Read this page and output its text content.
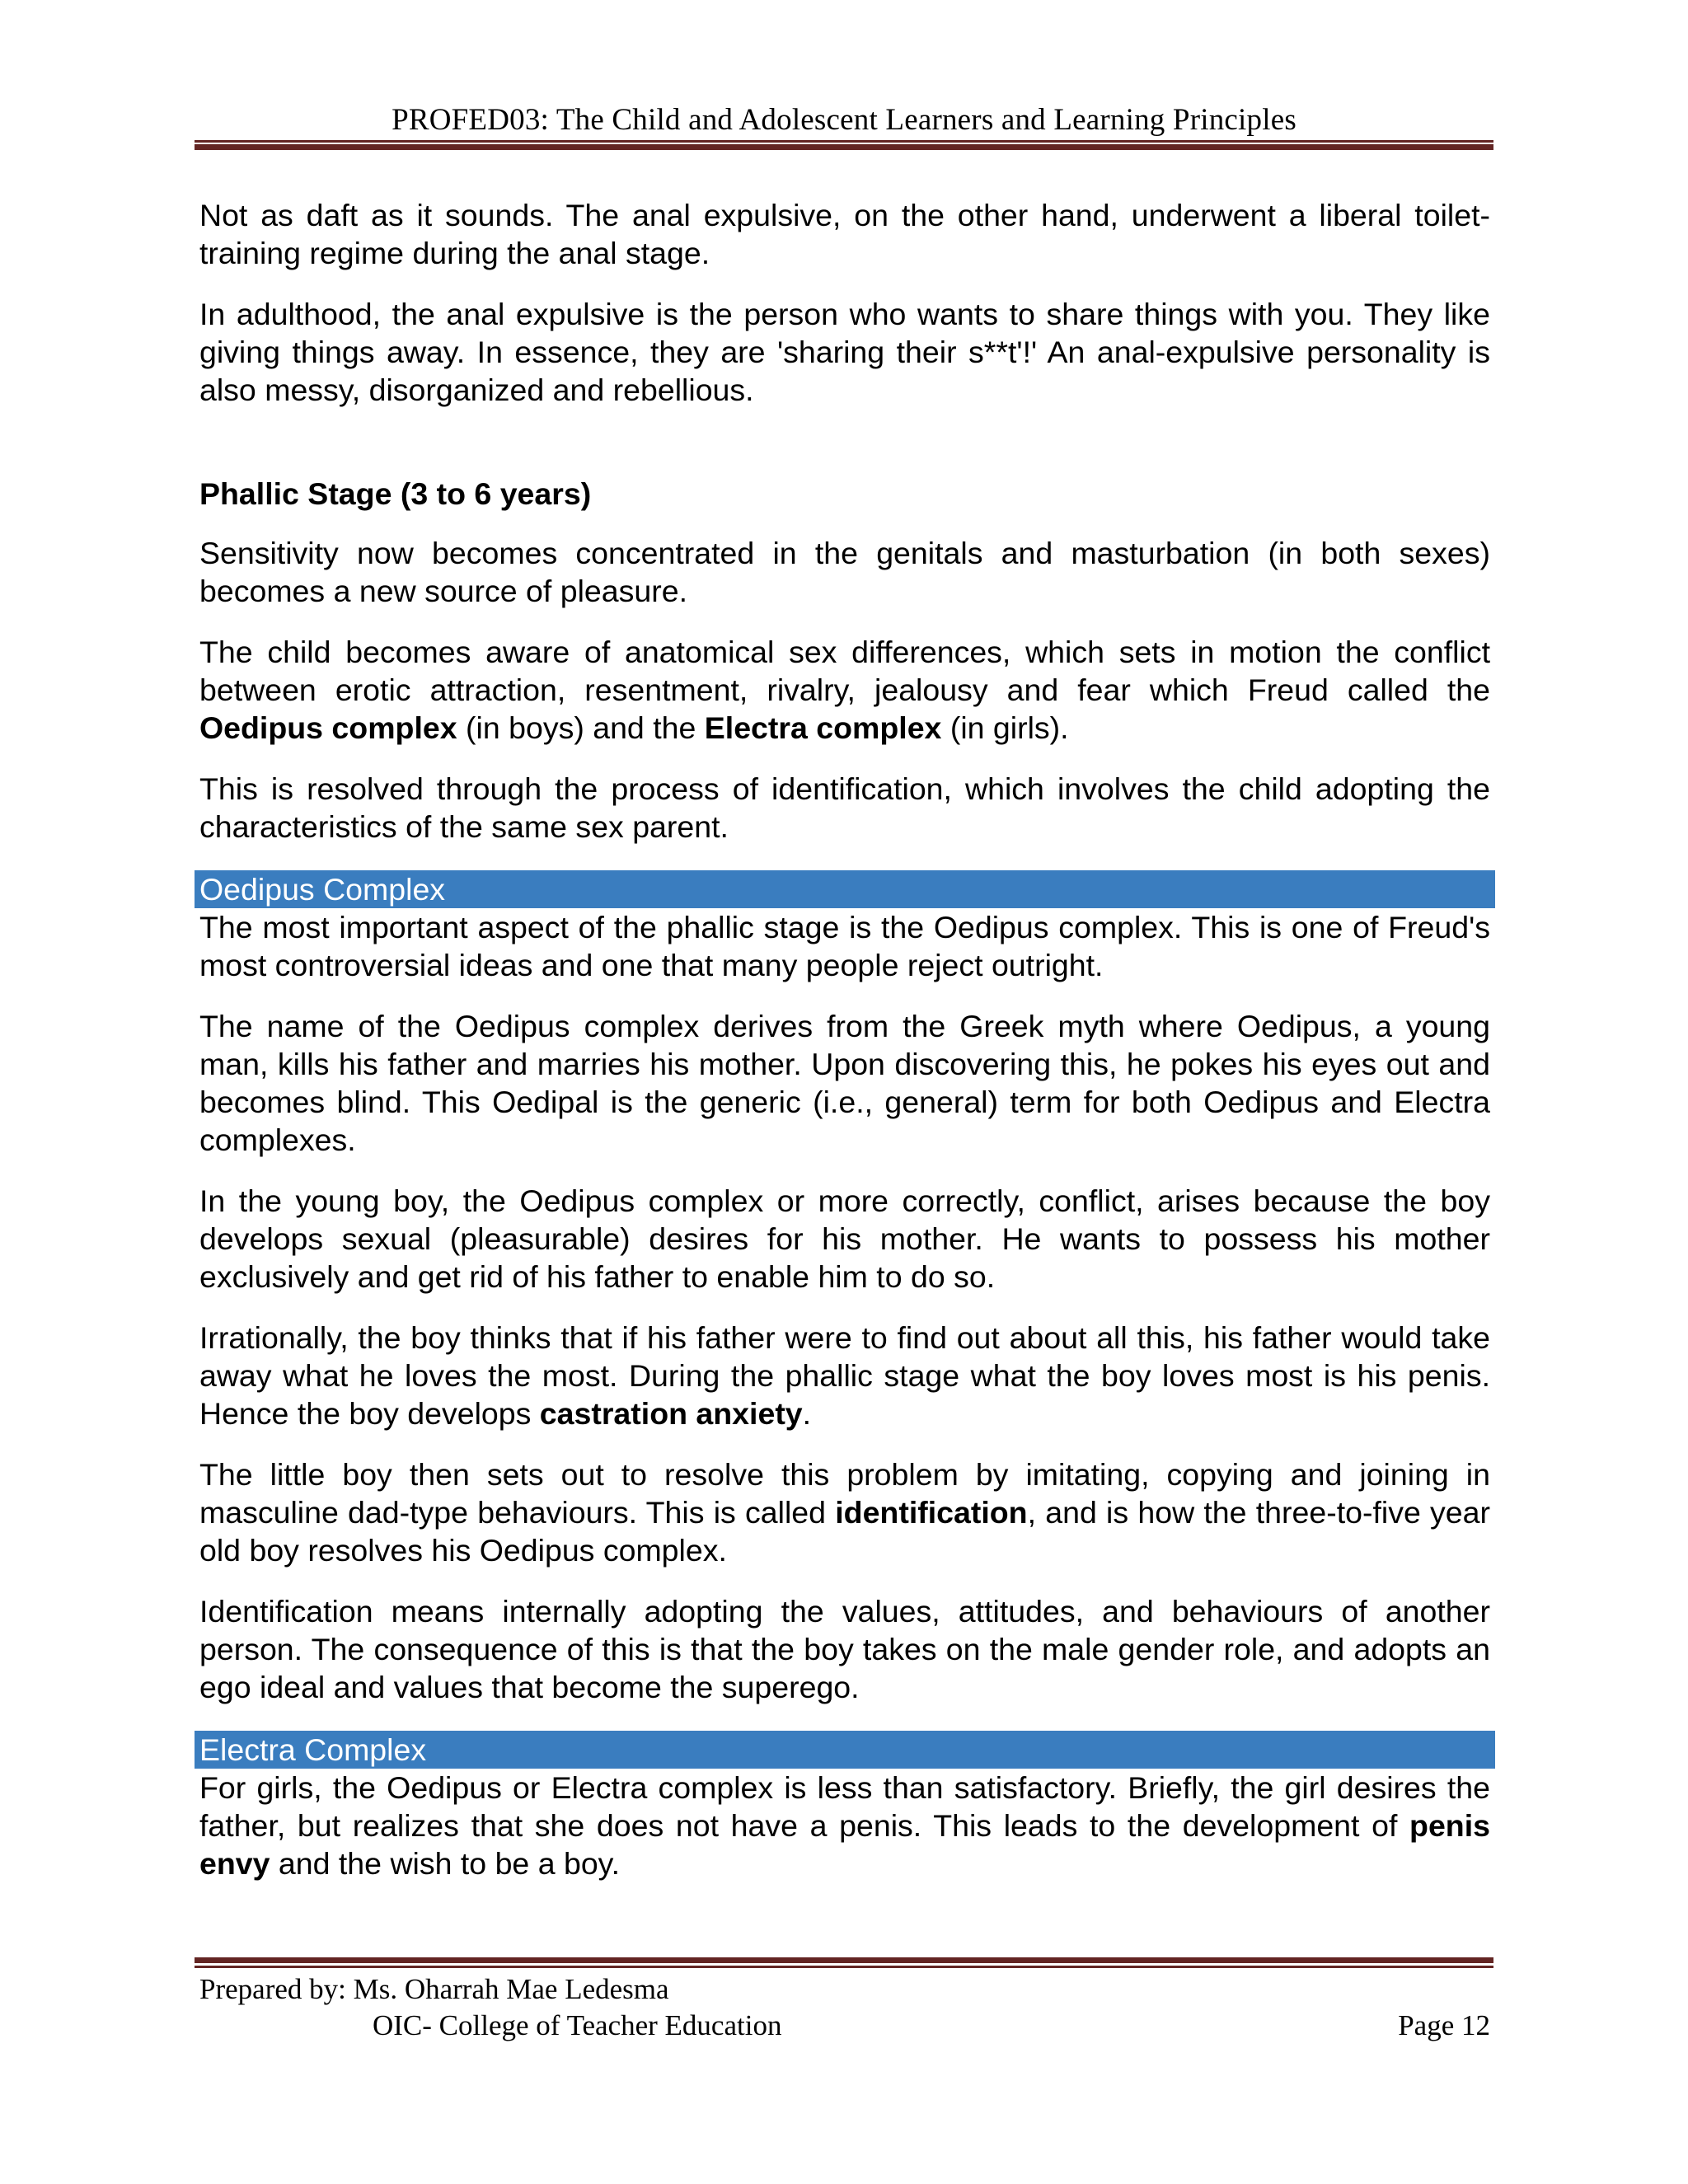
PROFED03: The Child and Adolescent Learners and Learning Principles

Not as daft as it sounds. The anal expulsive, on the other hand, underwent a liberal toilet-training regime during the anal stage.

In adulthood, the anal expulsive is the person who wants to share things with you. They like giving things away. In essence, they are 'sharing their s**t'!' An anal-expulsive personality is also messy, disorganized and rebellious.

Phallic Stage (3 to 6 years)

Sensitivity now becomes concentrated in the genitals and masturbation (in both sexes) becomes a new source of pleasure.

The child becomes aware of anatomical sex differences, which sets in motion the conflict between erotic attraction, resentment, rivalry, jealousy and fear which Freud called the Oedipus complex (in boys) and the Electra complex (in girls).

This is resolved through the process of identification, which involves the child adopting the characteristics of the same sex parent.

Oedipus Complex

The most important aspect of the phallic stage is the Oedipus complex. This is one of Freud's most controversial ideas and one that many people reject outright.

The name of the Oedipus complex derives from the Greek myth where Oedipus, a young man, kills his father and marries his mother. Upon discovering this, he pokes his eyes out and becomes blind. This Oedipal is the generic (i.e., general) term for both Oedipus and Electra complexes.

In the young boy, the Oedipus complex or more correctly, conflict, arises because the boy develops sexual (pleasurable) desires for his mother. He wants to possess his mother exclusively and get rid of his father to enable him to do so.

Irrationally, the boy thinks that if his father were to find out about all this, his father would take away what he loves the most. During the phallic stage what the boy loves most is his penis. Hence the boy develops castration anxiety.

The little boy then sets out to resolve this problem by imitating, copying and joining in masculine dad-type behaviours. This is called identification, and is how the three-to-five year old boy resolves his Oedipus complex.

Identification means internally adopting the values, attitudes, and behaviours of another person. The consequence of this is that the boy takes on the male gender role, and adopts an ego ideal and values that become the superego.

Electra Complex

For girls, the Oedipus or Electra complex is less than satisfactory. Briefly, the girl desires the father, but realizes that she does not have a penis. This leads to the development of penis envy and the wish to be a boy.

Prepared by: Ms. Oharrah Mae Ledesma
OIC- College of Teacher Education	Page 12
